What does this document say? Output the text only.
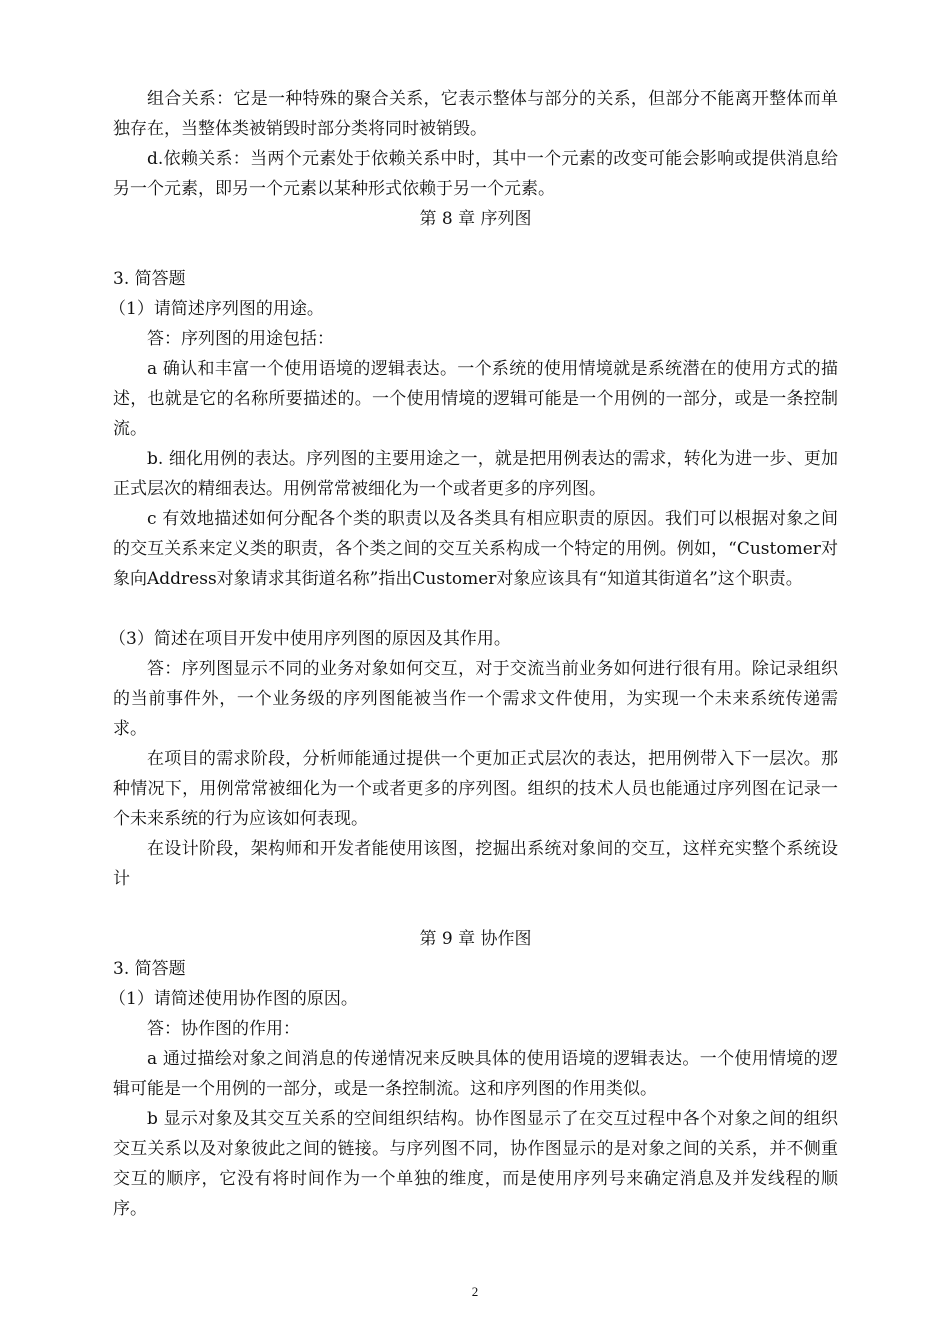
组合关系：它是一种特殊的聚合关系，它表示整体与部分的关系，但部分不能离开整体而单独存在，当整体类被销毁时部分类将同时被销毁。

d.依赖关系：当两个元素处于依赖关系中时，其中一个元素的改变可能会影响或提供消息给另一个元素，即另一个元素以某种形式依赖于另一个元素。

第 8 章 序列图

3. 简答题

（1）请简述序列图的用途。

答：序列图的用途包括：

a 确认和丰富一个使用语境的逻辑表达。一个系统的使用情境就是系统潜在的使用方式的描述，也就是它的名称所要描述的。一个使用情境的逻辑可能是一个用例的一部分，或是一条控制流。

b. 细化用例的表达。序列图的主要用途之一，就是把用例表达的需求，转化为进一步、更加正式层次的精细表达。用例常常被细化为一个或者更多的序列图。

c 有效地描述如何分配各个类的职责以及各类具有相应职责的原因。我们可以根据对象之间的交互关系来定义类的职责，各个类之间的交互关系构成一个特定的用例。例如，“Customer对象向Address对象请求其街道名称”指出Customer对象应该具有“知道其街道名”这个职责。

（3）简述在项目开发中使用序列图的原因及其作用。

答：序列图显示不同的业务对象如何交互，对于交流当前业务如何进行很有用。除记录组织的当前事件外，一个业务级的序列图能被当作一个需求文件使用，为实现一个未来系统传递需求。

在项目的需求阶段，分析师能通过提供一个更加正式层次的表达，把用例带入下一层次。那种情况下，用例常常被细化为一个或者更多的序列图。组织的技术人员也能通过序列图在记录一个未来系统的行为应该如何表现。

在设计阶段，架构师和开发者能使用该图，挖掘出系统对象间的交互，这样充实整个系统设计

第 9 章 协作图

3. 简答题

（1）请简述使用协作图的原因。

答：协作图的作用：

a 通过描绘对象之间消息的传递情况来反映具体的使用语境的逻辑表达。一个使用情境的逻辑可能是一个用例的一部分，或是一条控制流。这和序列图的作用类似。

b 显示对象及其交互关系的空间组织结构。协作图显示了在交互过程中各个对象之间的组织交互关系以及对象彼此之间的链接。与序列图不同，协作图显示的是对象之间的关系，并不侧重交互的顺序，它没有将时间作为一个单独的维度，而是使用序列号来确定消息及并发线程的顺序。

2
